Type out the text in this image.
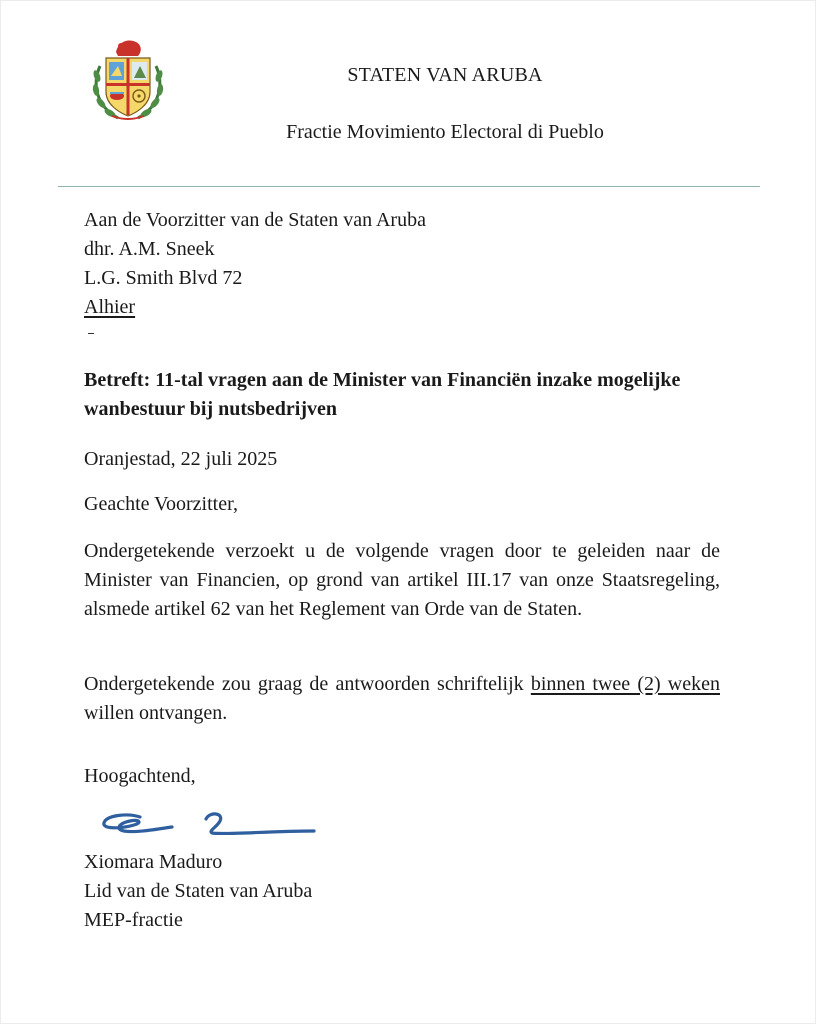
STATEN VAN ARUBA
Fractie Movimiento Electoral di Pueblo
Aan de Voorzitter van de Staten van Aruba
dhr. A.M. Sneek
L.G. Smith Blvd 72
Alhier
Betreft: 11-tal vragen aan de Minister van Financiën inzake mogelijke wanbestuur bij nutsbedrijven
Oranjestad, 22 juli 2025
Geachte Voorzitter,
Ondergetekende verzoekt u de volgende vragen door te geleiden naar de Minister van Financien, op grond van artikel III.17 van onze Staatsregeling, alsmede artikel 62 van het Reglement van Orde van de Staten.
Ondergetekende zou graag de antwoorden schriftelijk binnen twee (2) weken willen ontvangen.
Hoogachtend,
Xiomara Maduro
Lid van de Staten van Aruba
MEP-fractie
